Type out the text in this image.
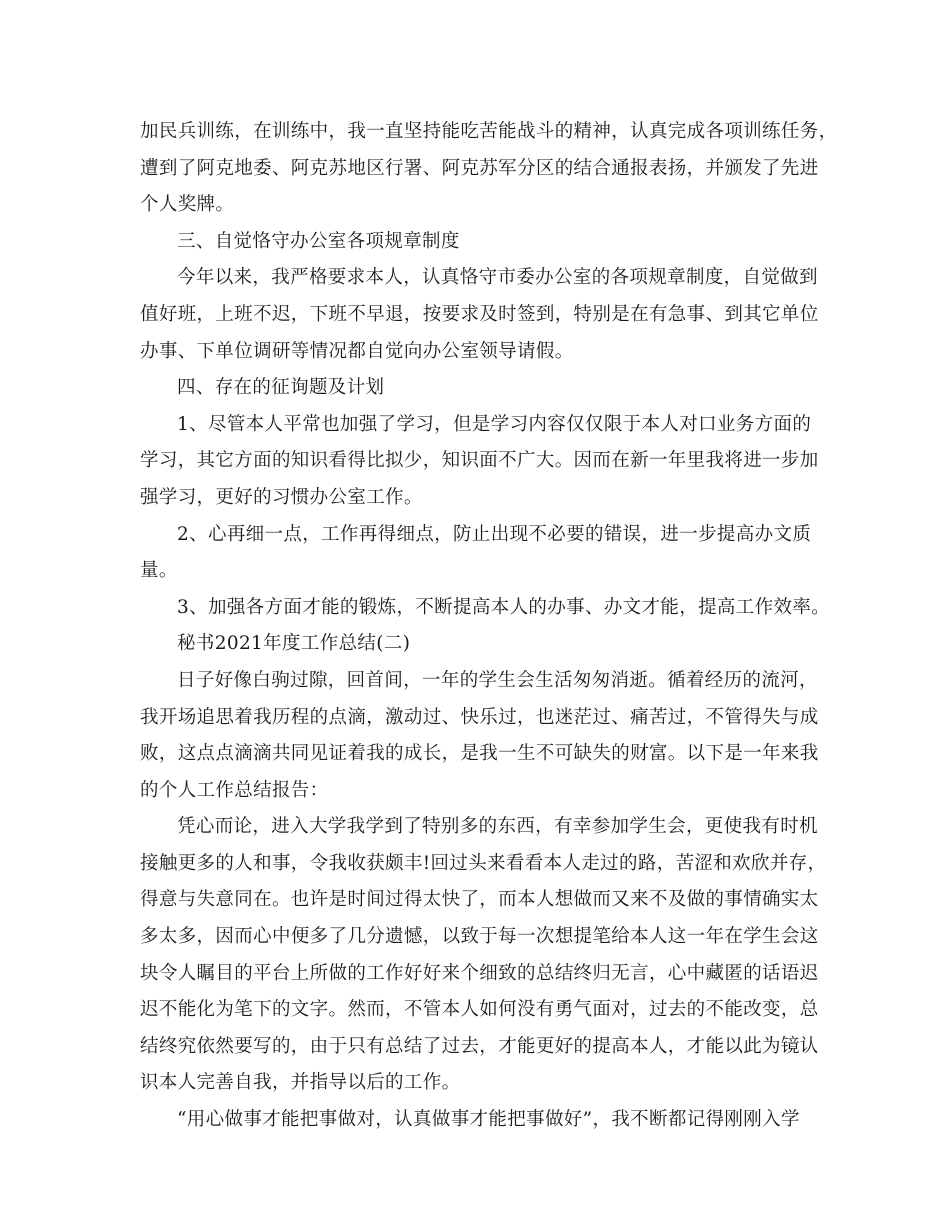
加民兵训练，在训练中，我一直坚持能吃苦能战斗的精神，认真完成各项训练任务，
遭到了阿克地委、阿克苏地区行署、阿克苏军分区的结合通报表扬，并颁发了先进
个人奖牌。
三、自觉恪守办公室各项规章制度
今年以来，我严格要求本人，认真恪守市委办公室的各项规章制度，自觉做到
值好班，上班不迟，下班不早退，按要求及时签到，特别是在有急事、到其它单位
办事、下单位调研等情况都自觉向办公室领导请假。
四、存在的征询题及计划
1、尽管本人平常也加强了学习，但是学习内容仅仅限于本人对口业务方面的
学习，其它方面的知识看得比拟少，知识面不广大。因而在新一年里我将进一步加
强学习，更好的习惯办公室工作。
2、心再细一点，工作再得细点，防止出现不必要的错误，进一步提高办文质
量。
3、加强各方面才能的锻炼，不断提高本人的办事、办文才能，提高工作效率。
秘书2021年度工作总结(二)
日子好像白驹过隙，回首间，一年的学生会生活匆匆消逝。循着经历的流河，
我开场追思着我历程的点滴，激动过、快乐过，也迷茫过、痛苦过，不管得失与成
败，这点点滴滴共同见证着我的成长，是我一生不可缺失的财富。以下是一年来我
的个人工作总结报告：
凭心而论，进入大学我学到了特别多的东西，有幸参加学生会，更使我有时机
接触更多的人和事，令我收获颇丰!回过头来看看本人走过的路，苦涩和欢欣并存，
得意与失意同在。也许是时间过得太快了，而本人想做而又来不及做的事情确实太
多太多，因而心中便多了几分遗憾，以致于每一次想提笔给本人这一年在学生会这
块令人瞩目的平台上所做的工作好好来个细致的总结终归无言，心中藏匿的话语迟
迟不能化为笔下的文字。然而，不管本人如何没有勇气面对，过去的不能改变，总
结终究依然要写的，由于只有总结了过去，才能更好的提高本人，才能以此为镜认
识本人完善自我，并指导以后的工作。
“用心做事才能把事做对，认真做事才能把事做好”，我不断都记得刚刚入学
